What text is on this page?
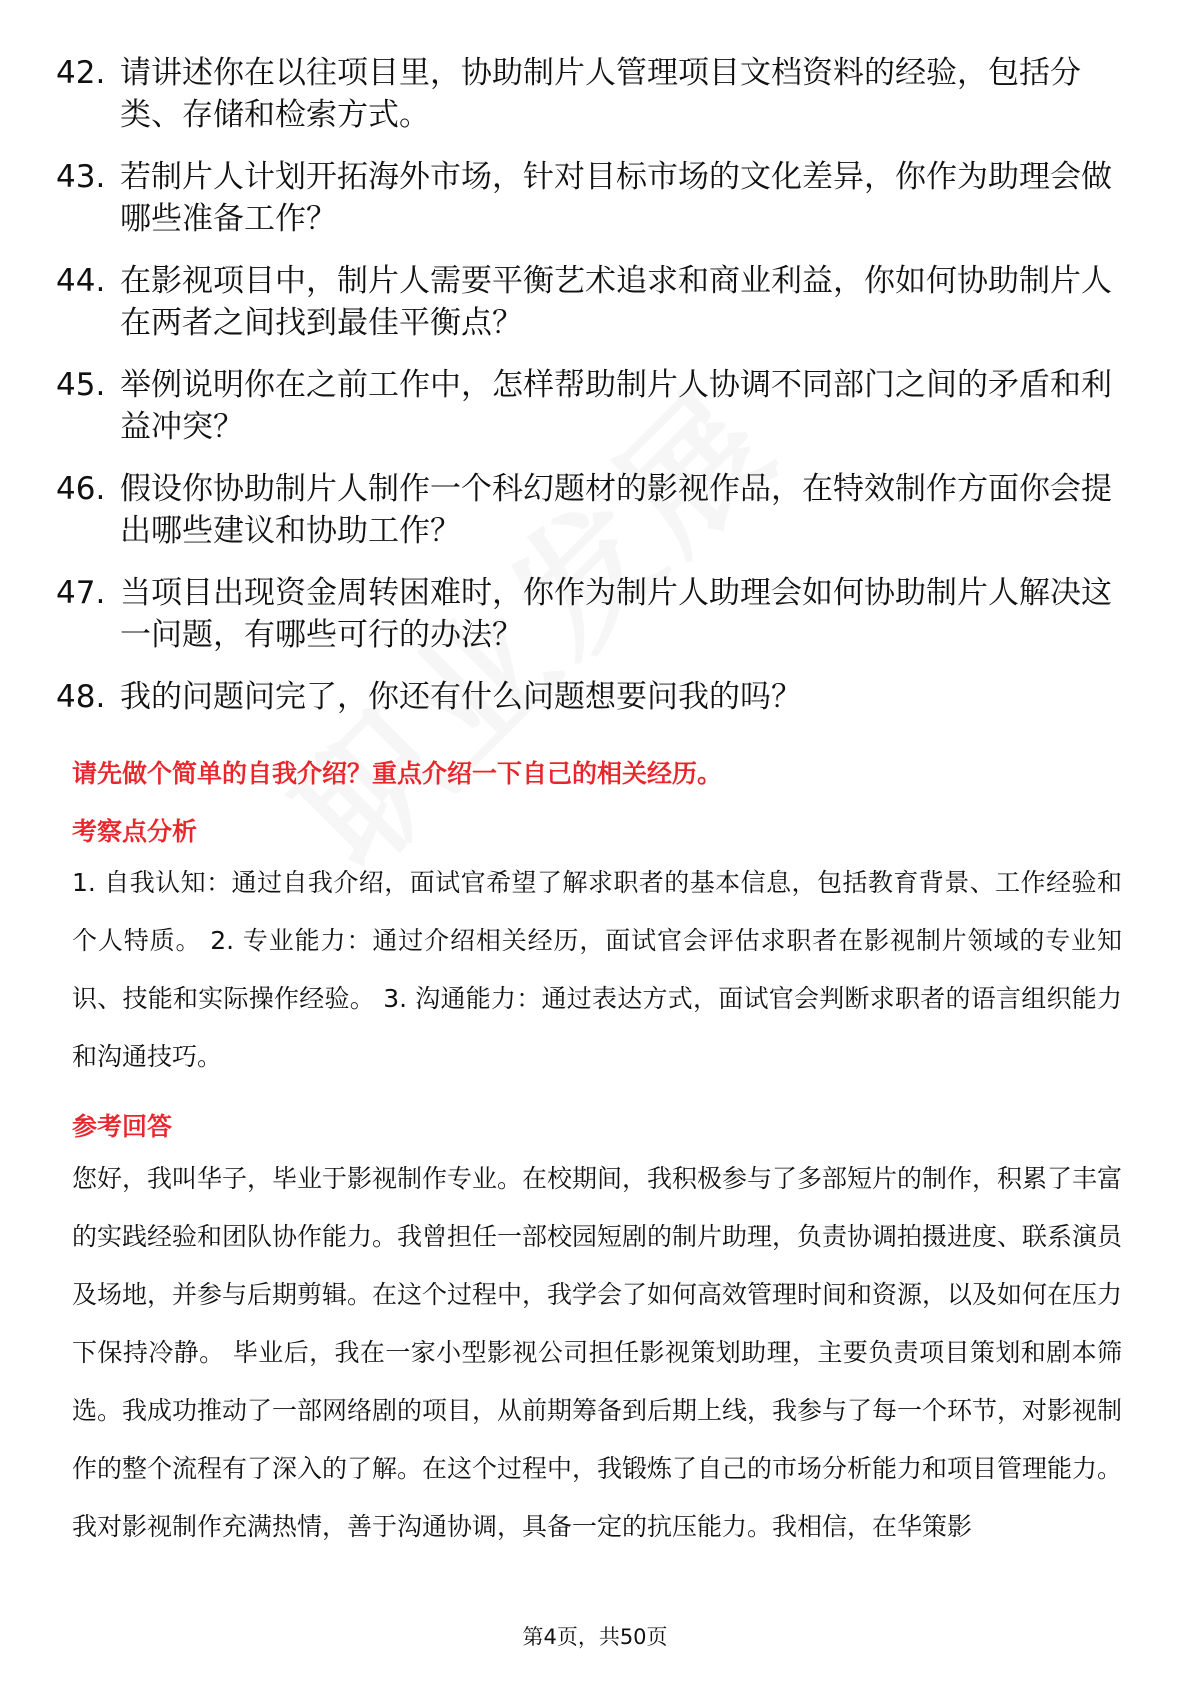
42. 请讲述你在以往项目里，协助制片人管理项目文档资料的经验，包括分类、存储和检索方式。
43. 若制片人计划开拓海外市场，针对目标市场的文化差异，你作为助理会做哪些准备工作？
44. 在影视项目中，制片人需要平衡艺术追求和商业利益，你如何协助制片人在两者之间找到最佳平衡点？
45. 举例说明你在之前工作中，怎样帮助制片人协调不同部门之间的矛盾和利益冲突？
46. 假设你协助制片人制作一个科幻题材的影视作品，在特效制作方面你会提出哪些建议和协助工作？
47. 当项目出现资金周转困难时，你作为制片人助理会如何协助制片人解决这一问题，有哪些可行的办法？
48. 我的问题问完了，你还有什么问题想要问我的吗？
请先做个简单的自我介绍？重点介绍一下自己的相关经历。
考察点分析

1. 自我认知：通过自我介绍，面试官希望了解求职者的基本信息，包括教育背景、工作经验和个人特质。 2. 专业能力：通过介绍相关经历，面试官会评估求职者在影视制片领域的专业知识、技能和实际操作经验。 3. 沟通能力：通过表达方式，面试官会判断求职者的语言组织能力和沟通技巧。

参考回答

您好，我叫华子，毕业于影视制作专业。在校期间，我积极参与了多部短片的制作，积累了丰富的实践经验和团队协作能力。我曾担任一部校园短剧的制片助理，负责协调拍摄进度、联系演员及场地，并参与后期剪辑。在这个过程中，我学会了如何高效管理时间和资源，以及如何在压力下保持冷静。 毕业后，我在一家小型影视公司担任影视策划助理，主要负责项目策划和剧本筛选。我成功推动了一部网络剧的项目，从前期筹备到后期上线，我参与了每一个环节，对影视制作的整个流程有了深入的了解。在这个过程中，我锻炼了自己的市场分析能力和项目管理能力。我对影视制作充满热情，善于沟通协调，具备一定的抗压能力。我相信，在华策影

第4页，共50页
